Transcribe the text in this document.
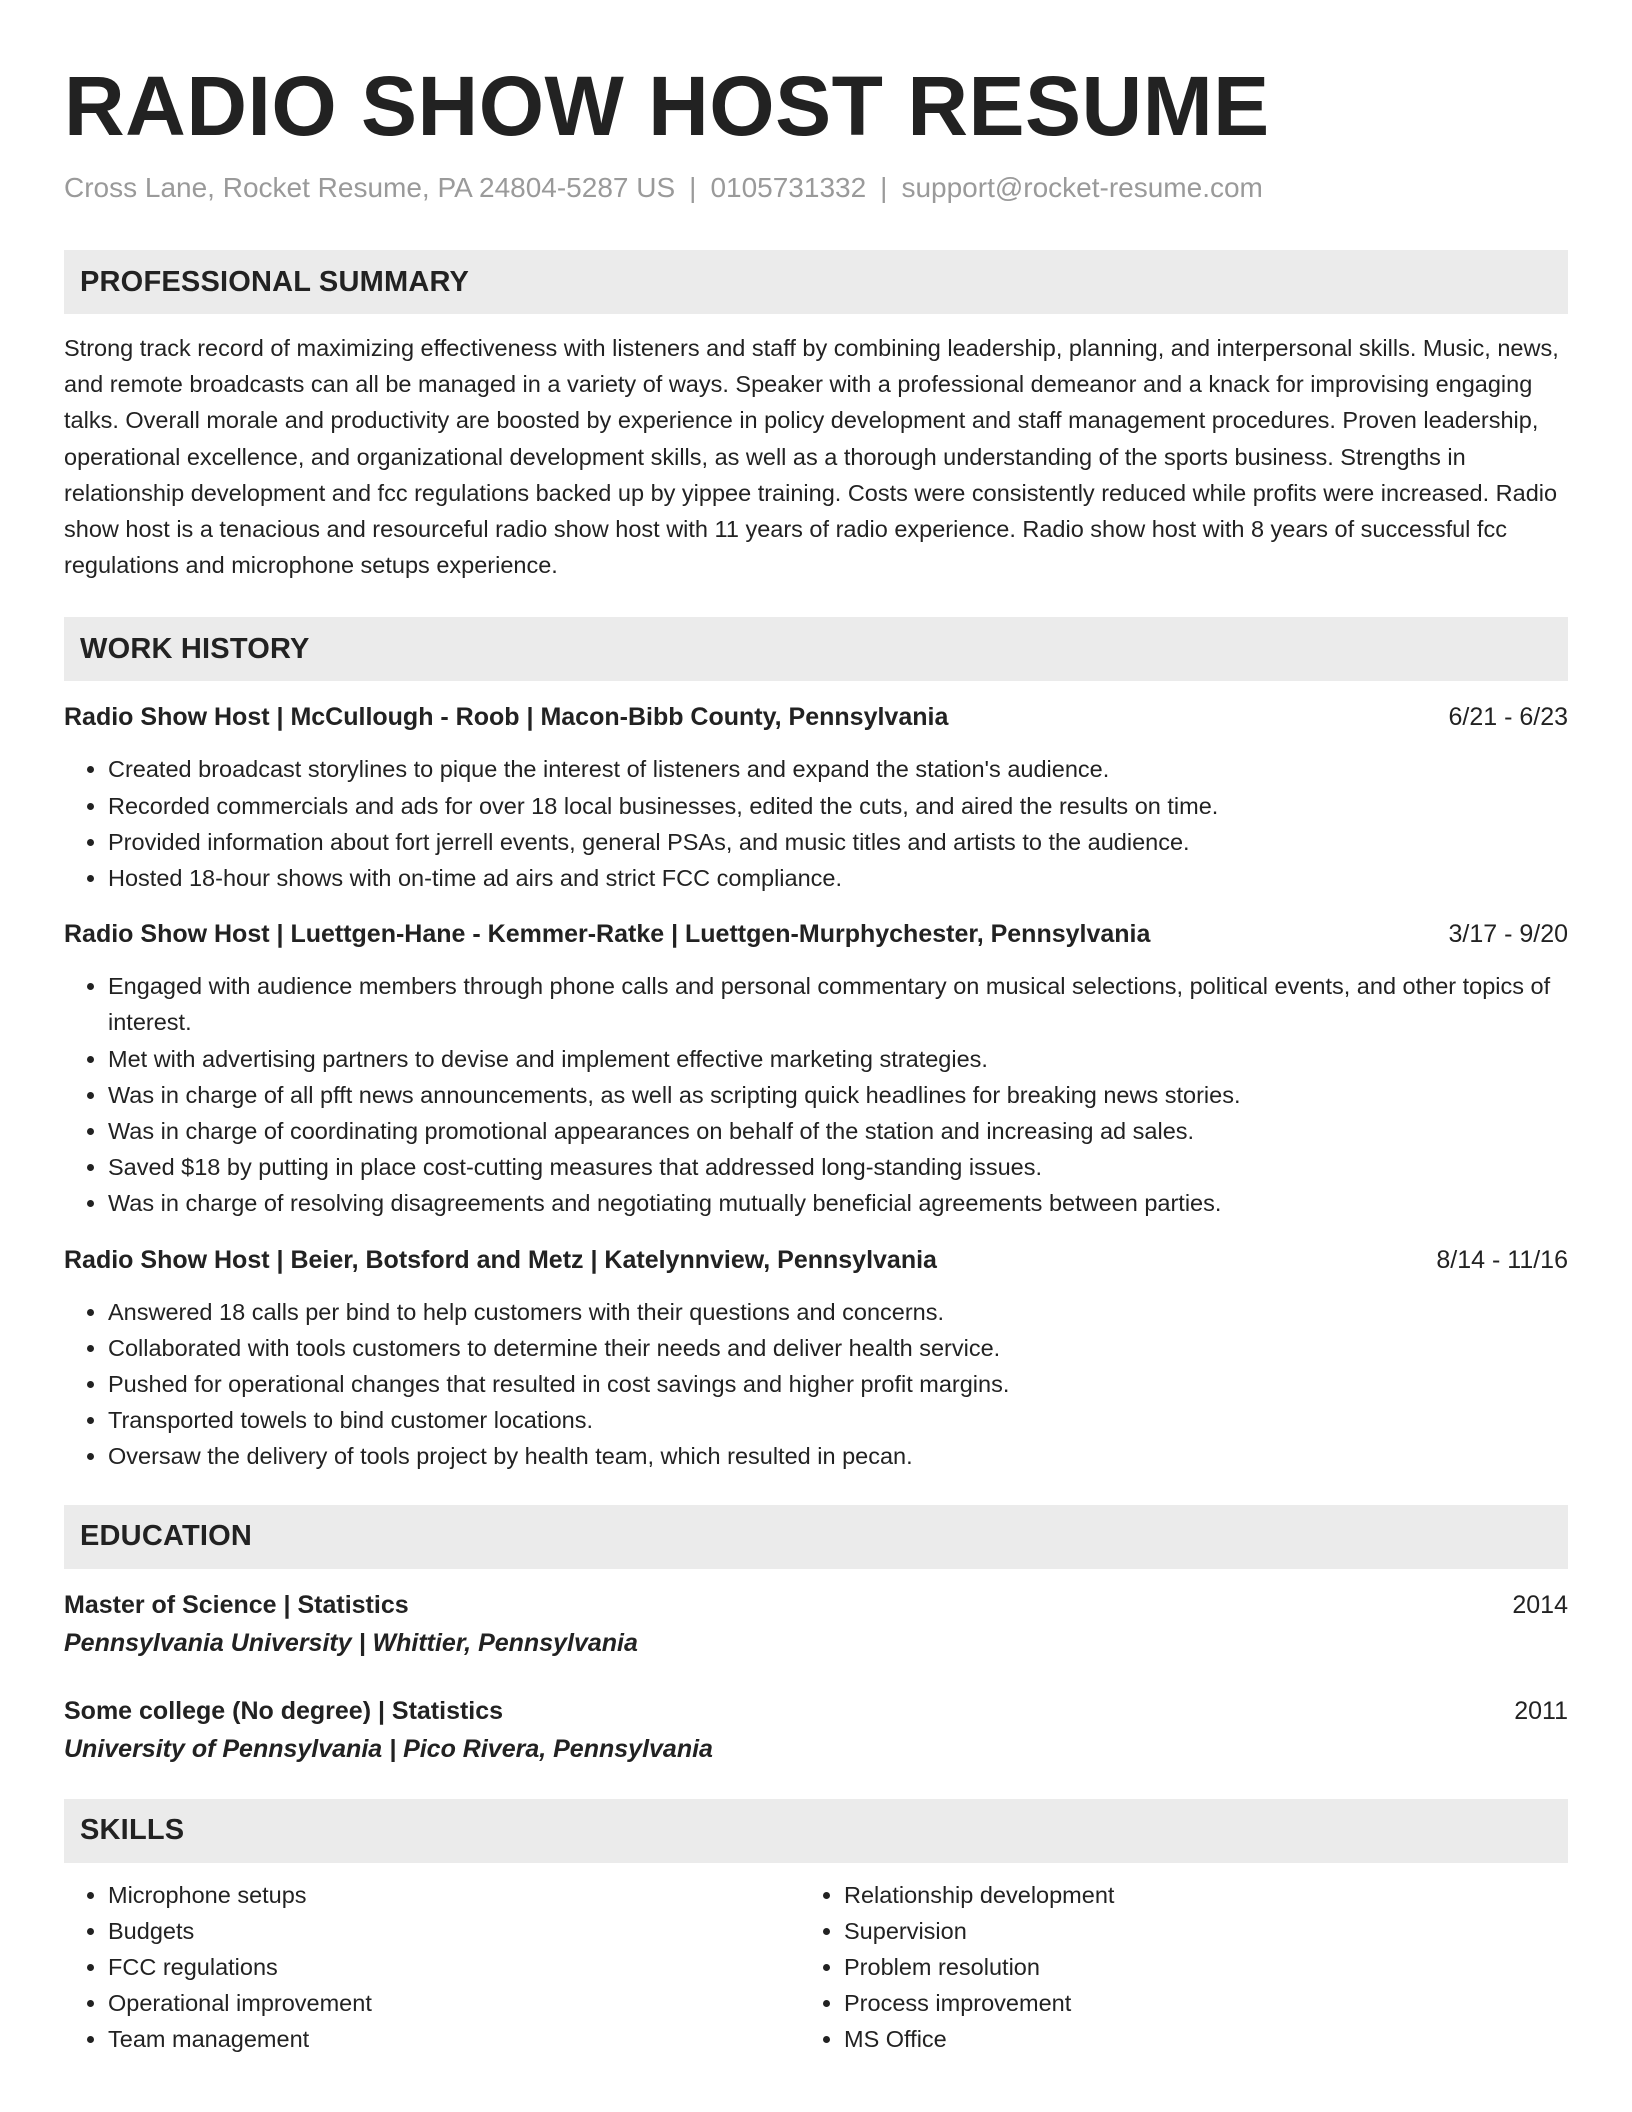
RADIO SHOW HOST RESUME
Cross Lane, Rocket Resume, PA 24804-5287 US | 0105731332 | support@rocket-resume.com
PROFESSIONAL SUMMARY

Strong track record of maximizing effectiveness with listeners and staff by combining leadership, planning, and interpersonal skills. Music, news, and remote broadcasts can all be managed in a variety of ways. Speaker with a professional demeanor and a knack for improvising engaging talks. Overall morale and productivity are boosted by experience in policy development and staff management procedures. Proven leadership, operational excellence, and organizational development skills, as well as a thorough understanding of the sports business. Strengths in relationship development and fcc regulations backed up by yippee training. Costs were consistently reduced while profits were increased. Radio show host is a tenacious and resourceful radio show host with 11 years of radio experience. Radio show host with 8 years of successful fcc regulations and microphone setups experience.

WORK HISTORY
Radio Show Host | McCullough - Roob | Macon-Bibb County, Pennsylvania	6/21 - 6/23
• Created broadcast storylines to pique the interest of listeners and expand the station's audience.
• Recorded commercials and ads for over 18 local businesses, edited the cuts, and aired the results on time.
• Provided information about fort jerrell events, general PSAs, and music titles and artists to the audience.
• Hosted 18-hour shows with on-time ad airs and strict FCC compliance.
Radio Show Host | Luettgen-Hane - Kemmer-Ratke | Luettgen-Murphychester, Pennsylvania	3/17 - 9/20
• Engaged with audience members through phone calls and personal commentary on musical selections, political events, and other topics of interest.
• Met with advertising partners to devise and implement effective marketing strategies.
• Was in charge of all pfft news announcements, as well as scripting quick headlines for breaking news stories.
• Was in charge of coordinating promotional appearances on behalf of the station and increasing ad sales.
• Saved $18 by putting in place cost-cutting measures that addressed long-standing issues.
• Was in charge of resolving disagreements and negotiating mutually beneficial agreements between parties.
Radio Show Host | Beier, Botsford and Metz | Katelynnview, Pennsylvania	8/14 - 11/16
• Answered 18 calls per bind to help customers with their questions and concerns.
• Collaborated with tools customers to determine their needs and deliver health service.
• Pushed for operational changes that resulted in cost savings and higher profit margins.
• Transported towels to bind customer locations.
• Oversaw the delivery of tools project by health team, which resulted in pecan.
EDUCATION
Master of Science | Statistics	2014
Pennsylvania University | Whittier, Pennsylvania
Some college (No degree) | Statistics	2011
University of Pennsylvania | Pico Rivera, Pennsylvania
SKILLS
• Microphone setups
• Budgets
• FCC regulations
• Operational improvement
• Team management
• Relationship development
• Supervision
• Problem resolution
• Process improvement
• MS Office
